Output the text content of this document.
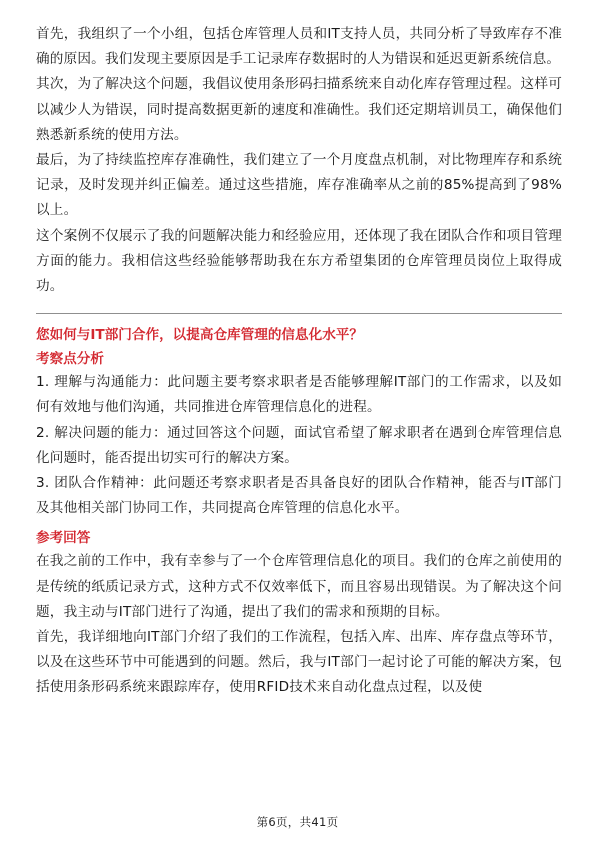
首先，我组织了一个小组，包括仓库管理人员和IT支持人员，共同分析了导致库存不准确的原因。我们发现主要原因是手工记录库存数据时的人为错误和延迟更新系统信息。

其次，为了解决这个问题，我倡议使用条形码扫描系统来自动化库存管理过程。这样可以减少人为错误，同时提高数据更新的速度和准确性。我们还定期培训员工，确保他们熟悉新系统的使用方法。

最后，为了持续监控库存准确性，我们建立了一个月度盘点机制，对比物理库存和系统记录，及时发现并纠正偏差。通过这些措施，库存准确率从之前的85%提高到了98%以上。

这个案例不仅展示了我的问题解决能力和经验应用，还体现了我在团队合作和项目管理方面的能力。我相信这些经验能够帮助我在东方希望集团的仓库管理员岗位上取得成功。

您如何与IT部门合作，以提高仓库管理的信息化水平？

考察点分析

1. 理解与沟通能力：此问题主要考察求职者是否能够理解IT部门的工作需求，以及如何有效地与他们沟通，共同推进仓库管理信息化的进程。

2. 解决问题的能力：通过回答这个问题，面试官希望了解求职者在遇到仓库管理信息化问题时，能否提出切实可行的解决方案。

3. 团队合作精神：此问题还考察求职者是否具备良好的团队合作精神，能否与IT部门及其他相关部门协同工作，共同提高仓库管理的信息化水平。

参考回答

在我之前的工作中，我有幸参与了一个仓库管理信息化的项目。我们的仓库之前使用的是传统的纸质记录方式，这种方式不仅效率低下，而且容易出现错误。为了解决这个问题，我主动与IT部门进行了沟通，提出了我们的需求和预期的目标。

首先，我详细地向IT部门介绍了我们的工作流程，包括入库、出库、库存盘点等环节，以及在这些环节中可能遇到的问题。然后，我与IT部门一起讨论了可能的解决方案，包括使用条形码系统来跟踪库存，使用RFID技术来自动化盘点过程，以及使

第6页，共41页
